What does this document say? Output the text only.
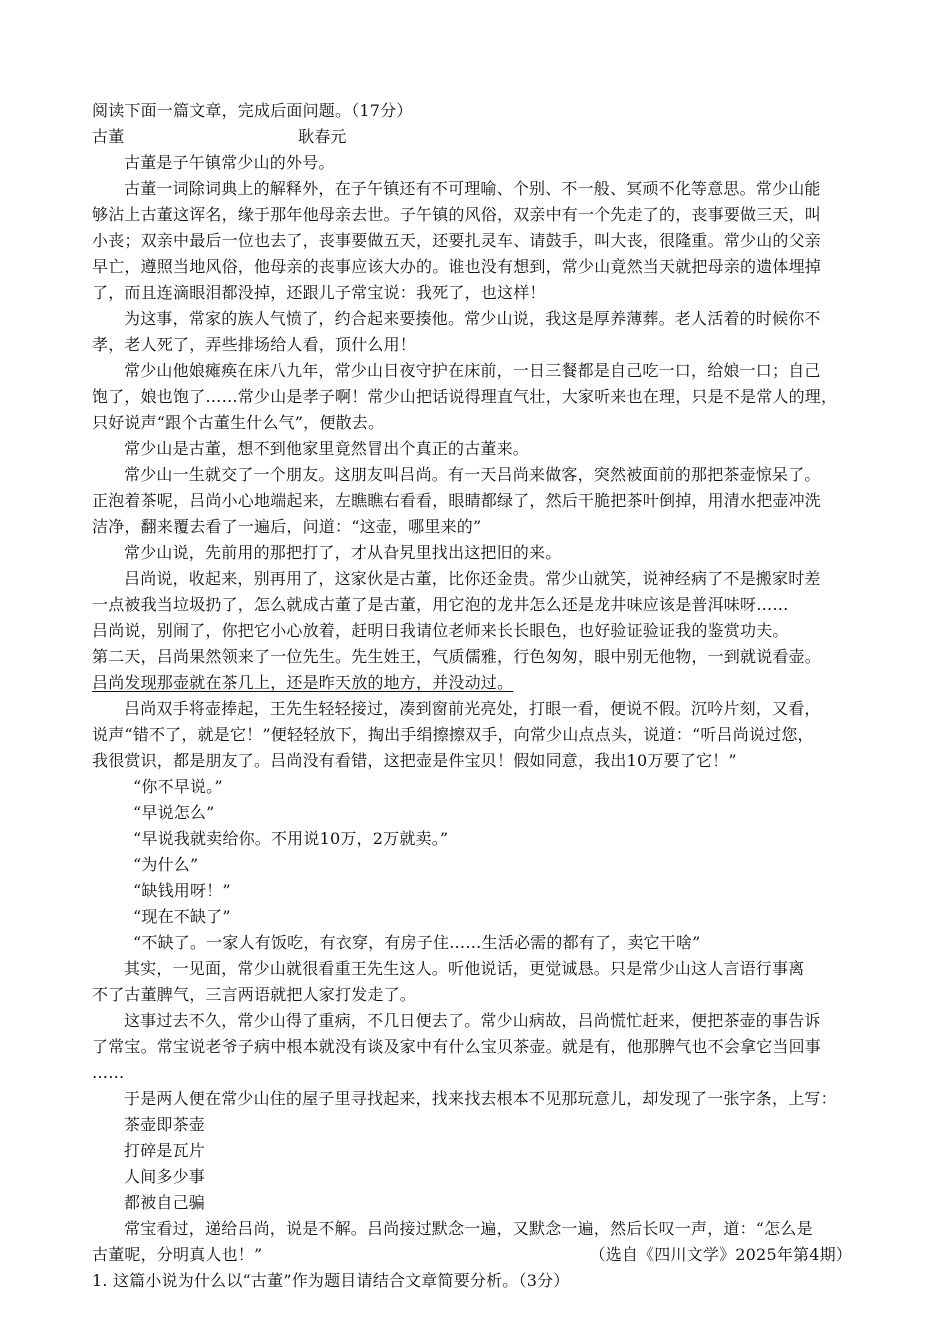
阅读下面一篇文章，完成后面问题。（17分）
古董	耿春元
古董是子午镇常少山的外号。
古董一词除词典上的解释外，在子午镇还有不可理喻、个别、不一般、冥顽不化等意思。常少山能
够沾上古董这诨名，缘于那年他母亲去世。子午镇的风俗，双亲中有一个先走了的，丧事要做三天，叫
小丧；双亲中最后一位也去了，丧事要做五天，还要扎灵车、请鼓手，叫大丧，很隆重。常少山的父亲
早亡，遵照当地风俗，他母亲的丧事应该大办的。谁也没有想到，常少山竟然当天就把母亲的遗体埋掉
了，而且连滴眼泪都没掉，还跟儿子常宝说：我死了，也这样！
为这事，常家的族人气愤了，约合起来要揍他。常少山说，我这是厚养薄葬。老人活着的时候你不
孝，老人死了，弄些排场给人看，顶什么用！
常少山他娘瘫痪在床八九年，常少山日夜守护在床前，一日三餐都是自己吃一口，给娘一口；自己
饱了，娘也饱了……常少山是孝子啊！常少山把话说得理直气壮，大家听来也在理，只是不是常人的理，
只好说声“跟个古董生什么气”，便散去。
常少山是古董，想不到他家里竟然冒出个真正的古董来。
常少山一生就交了一个朋友。这朋友叫吕尚。有一天吕尚来做客，突然被面前的那把茶壶惊呆了。
正泡着茶呢，吕尚小心地端起来，左瞧瞧右看看，眼睛都绿了，然后干脆把茶叶倒掉，用清水把壶冲洗
洁净，翻来覆去看了一遍后，问道：“这壶，哪里来的”
常少山说，先前用的那把打了，才从旮旯里找出这把旧的来。
吕尚说，收起来，别再用了，这家伙是古董，比你还金贵。常少山就笑，说神经病了不是搬家时差
一点被我当垃圾扔了，怎么就成古董了是古董，用它泡的龙井怎么还是龙井味应该是普洱味呀……
吕尚说，别闹了，你把它小心放着，赶明日我请位老师来长长眼色，也好验证验证我的鉴赏功夫。
第二天，吕尚果然领来了一位先生。先生姓王，气质儒雅，行色匆匆，眼中别无他物，一到就说看壶。
吕尚发现那壶就在茶几上，还是昨天放的地方，并没动过。
吕尚双手将壶捧起，王先生轻轻接过，凑到窗前光亮处，打眼一看，便说不假。沉吟片刻，又看，
说声“错不了，就是它！”便轻轻放下，掏出手绢擦擦双手，向常少山点点头，说道：“听吕尚说过您，
我很赏识，都是朋友了。吕尚没有看错，这把壶是件宝贝！假如同意，我出10万要了它！”
“你不早说。”
“早说怎么”
“早说我就卖给你。不用说10万，2万就卖。”
“为什么”
“缺钱用呀！”
“现在不缺了”
“不缺了。一家人有饭吃，有衣穿，有房子住……生活必需的都有了，卖它干啥”
其实，一见面，常少山就很看重王先生这人。听他说话，更觉诚恳。只是常少山这人言语行事离
不了古董脾气，三言两语就把人家打发走了。
这事过去不久，常少山得了重病，不几日便去了。常少山病故，吕尚慌忙赶来，便把茶壶的事告诉
了常宝。常宝说老爷子病中根本就没有谈及家中有什么宝贝茶壶。就是有，他那脾气也不会拿它当回事
……
于是两人便在常少山住的屋子里寻找起来，找来找去根本不见那玩意儿，却发现了一张字条，上写：
茶壶即茶壶
打碎是瓦片
人间多少事
都被自己骗
常宝看过，递给吕尚，说是不解。吕尚接过默念一遍，又默念一遍，然后长叹一声，道：“怎么是
古董呢，分明真人也！”	（选自《四川文学》2025年第4期）
1. 这篇小说为什么以“古董”作为题目请结合文章简要分析。（3分）
